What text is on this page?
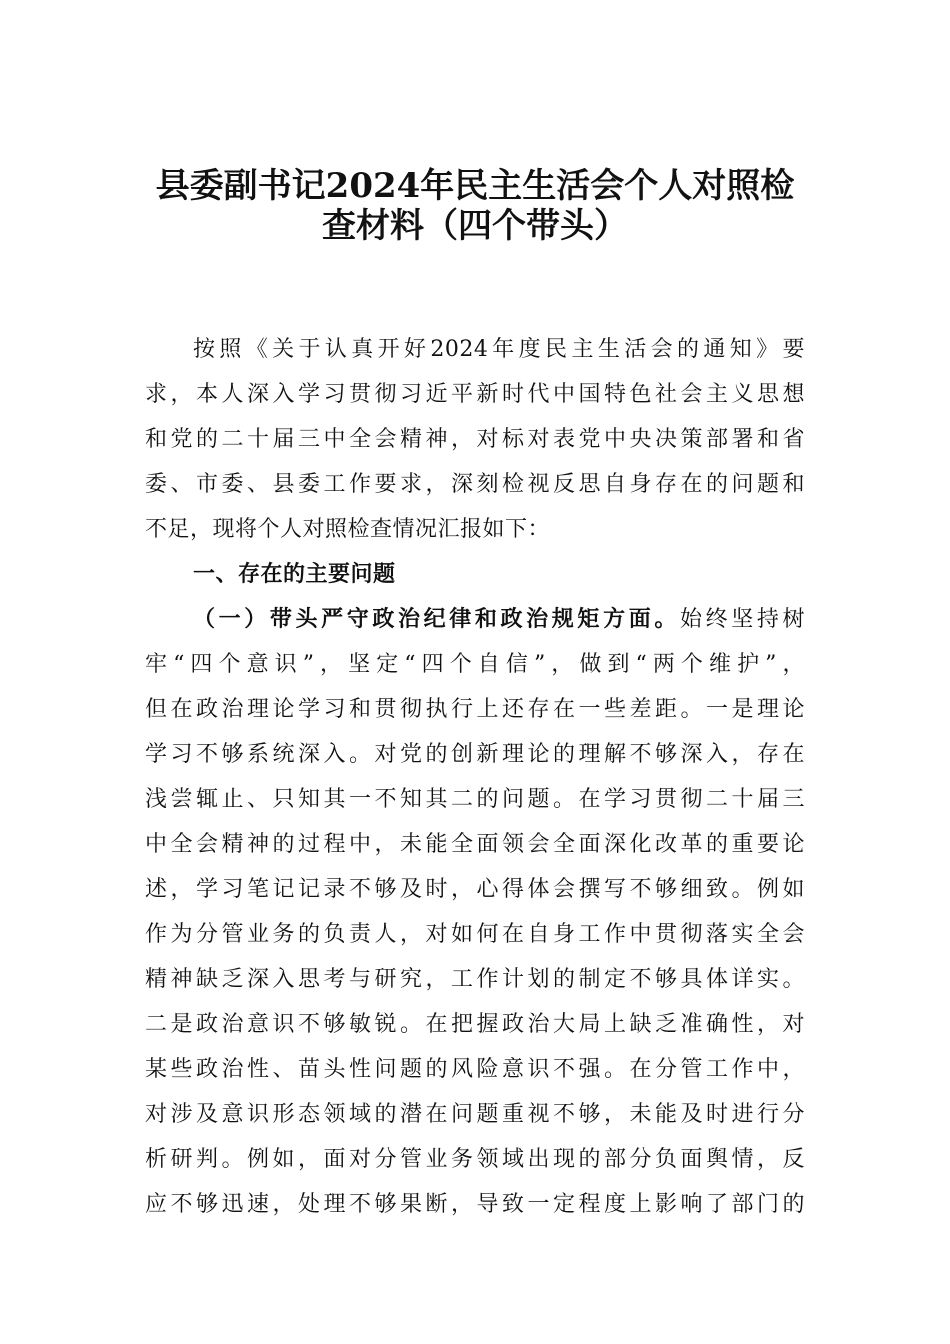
县委副书记2024年民主生活会个人对照检
查材料（四个带头）
按照《关于认真开好2024年度民主生活会的通知》要
求，本人深入学习贯彻习近平新时代中国特色社会主义思想
和党的二十届三中全会精神，对标对表党中央决策部署和省
委、市委、县委工作要求，深刻检视反思自身存在的问题和
不足，现将个人对照检查情况汇报如下：
一、存在的主要问题
（一）带头严守政治纪律和政治规矩方面。始终坚持树
牢“四个意识”，坚定“四个自信”，做到“两个维护”，
但在政治理论学习和贯彻执行上还存在一些差距。一是理论
学习不够系统深入。对党的创新理论的理解不够深入，存在
浅尝辄止、只知其一不知其二的问题。在学习贯彻二十届三
中全会精神的过程中，未能全面领会全面深化改革的重要论
述，学习笔记记录不够及时，心得体会撰写不够细致。例如
作为分管业务的负责人，对如何在自身工作中贯彻落实全会
精神缺乏深入思考与研究，工作计划的制定不够具体详实。
二是政治意识不够敏锐。在把握政治大局上缺乏准确性，对
某些政治性、苗头性问题的风险意识不强。在分管工作中，
对涉及意识形态领域的潜在问题重视不够，未能及时进行分
析研判。例如，面对分管业务领域出现的部分负面舆情，反
应不够迅速，处理不够果断，导致一定程度上影响了部门的
